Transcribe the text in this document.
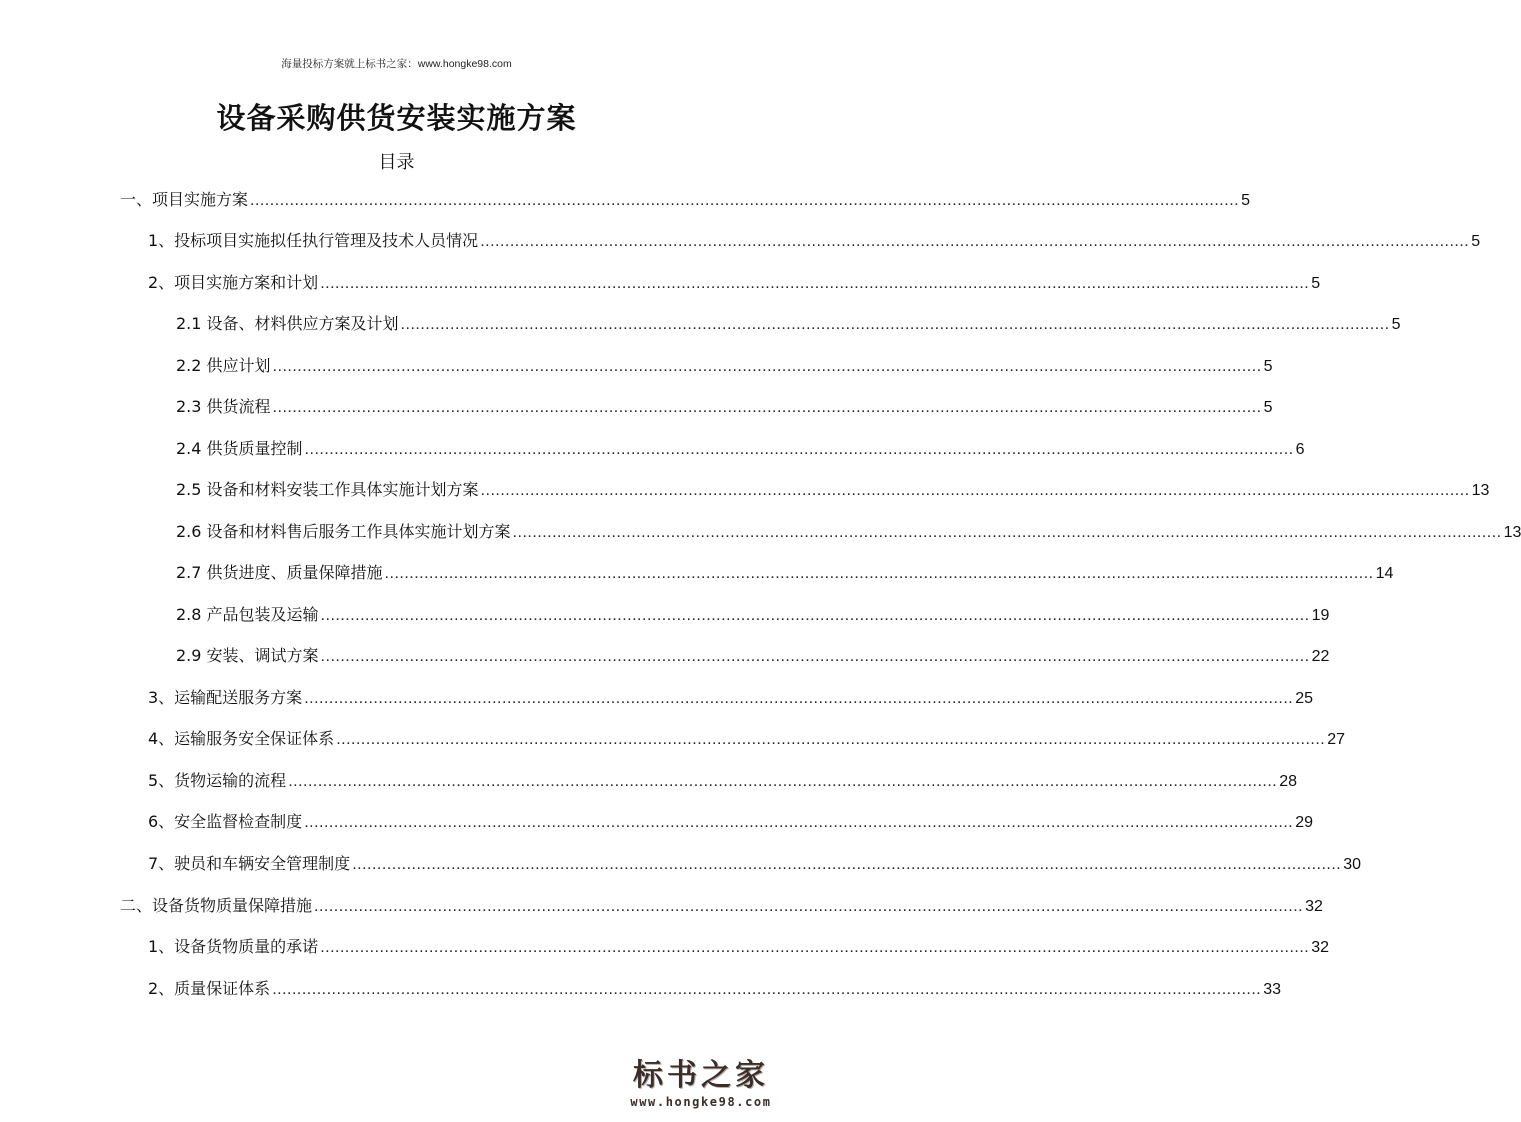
海量投标方案就上标书之家：www.hongke98.com
设备采购供货安装实施方案
目录
一、项目实施方案 ........................................................................................................................................................................................................ 5
1、投标项目实施拟任执行管理及技术人员情况 ........................................................................................................................................................................................................ 5
2、项目实施方案和计划 ........................................................................................................................................................................................................ 5
2.1 设备、材料供应方案及计划 ........................................................................................................................................................................................................ 5
2.2 供应计划 ........................................................................................................................................................................................................ 5
2.3 供货流程 ........................................................................................................................................................................................................ 5
2.4 供货质量控制 ........................................................................................................................................................................................................ 6
2.5 设备和材料安装工作具体实施计划方案 ........................................................................................................................................................................................................ 13
2.6 设备和材料售后服务工作具体实施计划方案 ........................................................................................................................................................................................................ 13
2.7 供货进度、质量保障措施 ........................................................................................................................................................................................................ 14
2.8 产品包装及运输 ........................................................................................................................................................................................................ 19
2.9 安装、调试方案 ........................................................................................................................................................................................................ 22
3、运输配送服务方案 ........................................................................................................................................................................................................ 25
4、运输服务安全保证体系 ........................................................................................................................................................................................................ 27
5、货物运输的流程 ........................................................................................................................................................................................................ 28
6、安全监督检查制度 ........................................................................................................................................................................................................ 29
7、驶员和车辆安全管理制度 ........................................................................................................................................................................................................ 30
二、设备货物质量保障措施 ........................................................................................................................................................................................................ 32
1、设备货物质量的承诺 ........................................................................................................................................................................................................ 32
2、质量保证体系 ........................................................................................................................................................................................................ 33
标书之家
www.hongke98.com
